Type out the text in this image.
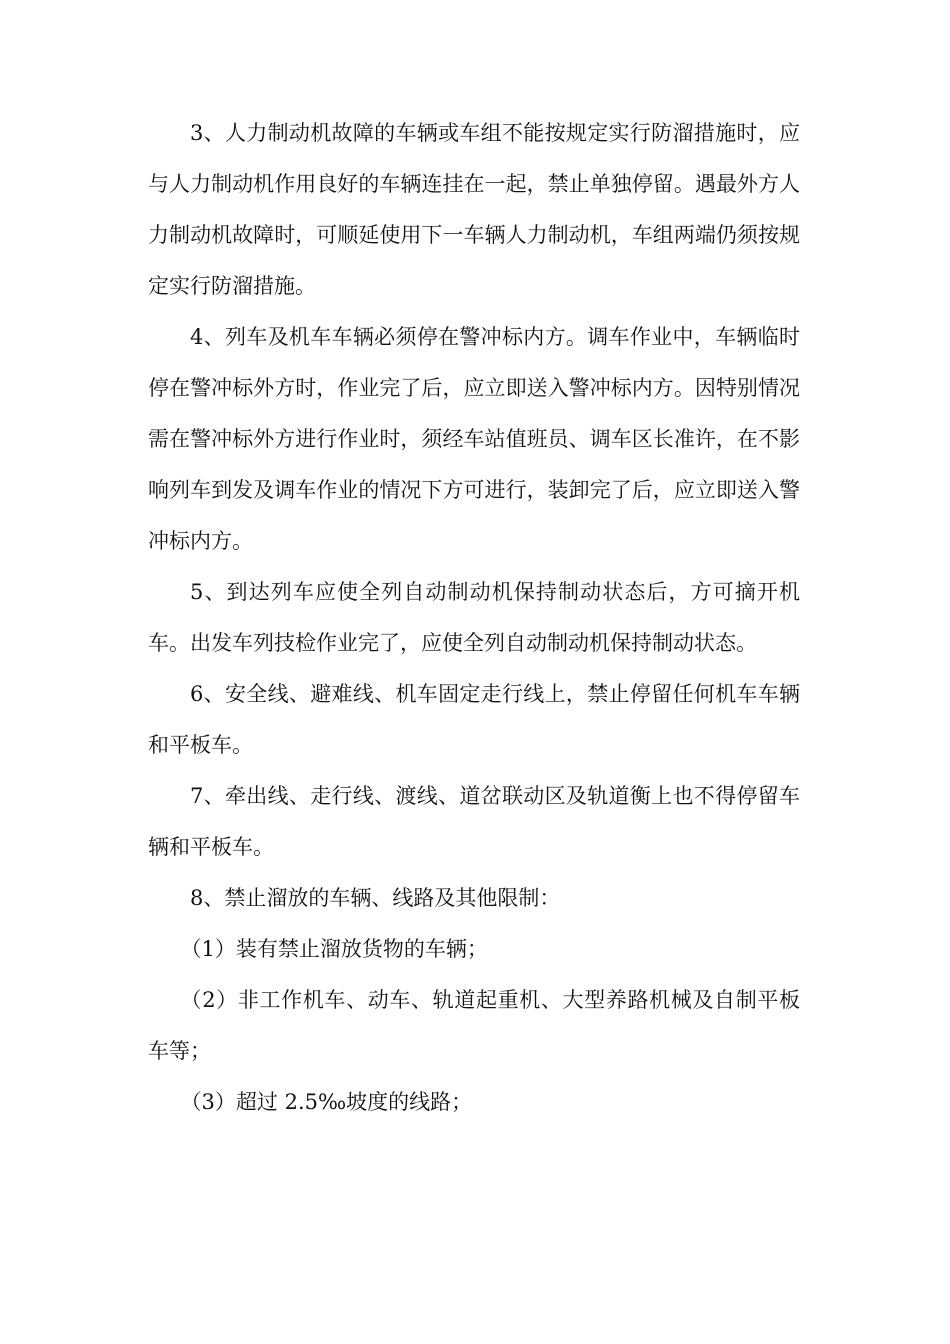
3、人力制动机故障的车辆或车组不能按规定实行防溜措施时，应与人力制动机作用良好的车辆连挂在一起，禁止单独停留。遇最外方人力制动机故障时，可顺延使用下一车辆人力制动机，车组两端仍须按规定实行防溜措施。

4、列车及机车车辆必须停在警冲标内方。调车作业中，车辆临时停在警冲标外方时，作业完了后，应立即送入警冲标内方。因特别情况需在警冲标外方进行作业时，须经车站值班员、调车区长准许，在不影响列车到发及调车作业的情况下方可进行，装卸完了后，应立即送入警冲标内方。

5、到达列车应使全列自动制动机保持制动状态后，方可摘开机车。出发车列技检作业完了，应使全列自动制动机保持制动状态。

6、安全线、避难线、机车固定走行线上，禁止停留任何机车车辆和平板车。

7、牵出线、走行线、渡线、道岔联动区及轨道衡上也不得停留车辆和平板车。

8、禁止溜放的车辆、线路及其他限制：

（1）装有禁止溜放货物的车辆；

（2）非工作机车、动车、轨道起重机、大型养路机械及自制平板车等；

（3）超过 2.5‰坡度的线路；
